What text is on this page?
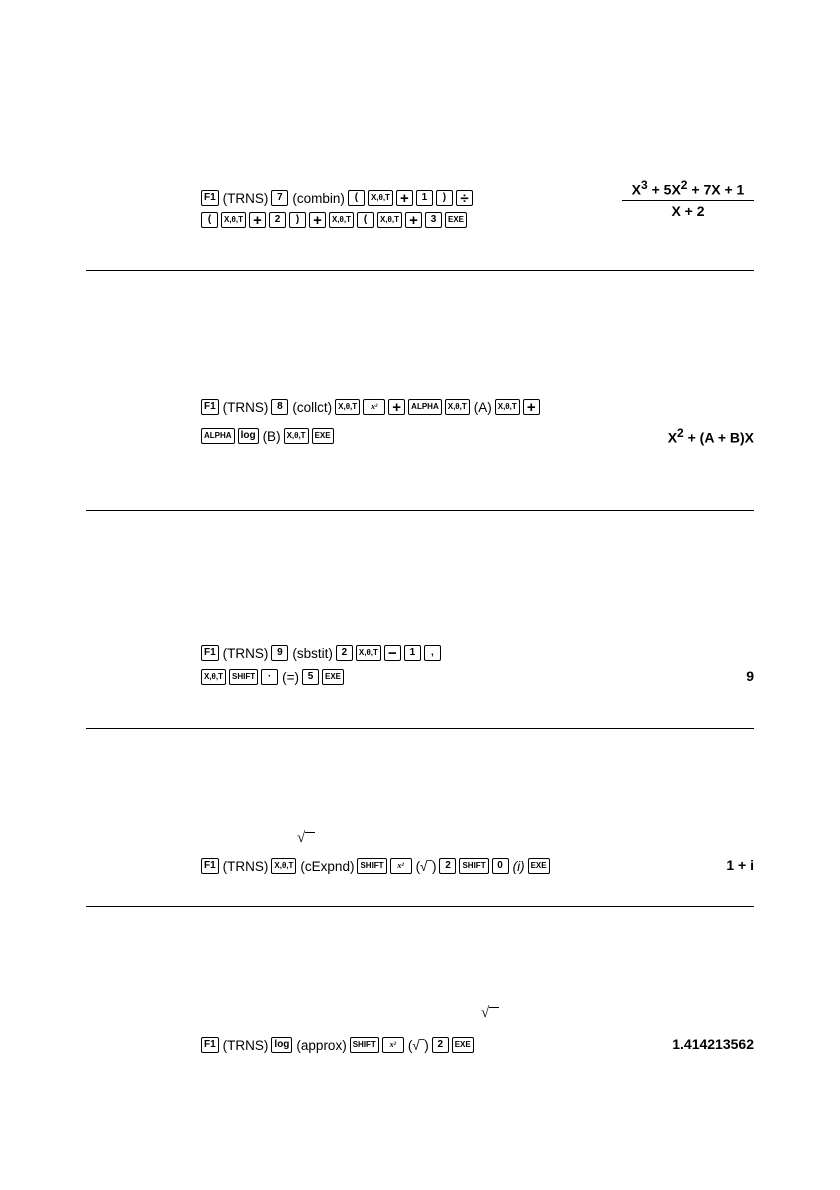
F1 (TRNS) 7 (combin) (	X,θ,T +	1	) ÷
(	X,θ,T +	2	) +	X,θ,T	(	X,θ,T +	3	EXE
$\frac{X^3 + 5X^2 + 7X + 1}{X + 2}$
F1 (TRNS) 8 (collct) X,θ,T	x² +	ALPHA	X,θ,T (A) X,θ,T +
ALPHA log (B) X,θ,T	EXE	$X^2 + (A + B)X$
F1 (TRNS) 9 (sbstit) 2	X,θ,T −	1	,
X,θ,T	SHIFT	· (=) 5	EXE	9
√
F1 (TRNS) X,θ,T (cExpnd) SHIFT	x² (√‾) 2	SHIFT	0 (i) EXE	1 + i
√
F1 (TRNS) log (approx) SHIFT	x² (√‾) 2	EXE	1.414213562
